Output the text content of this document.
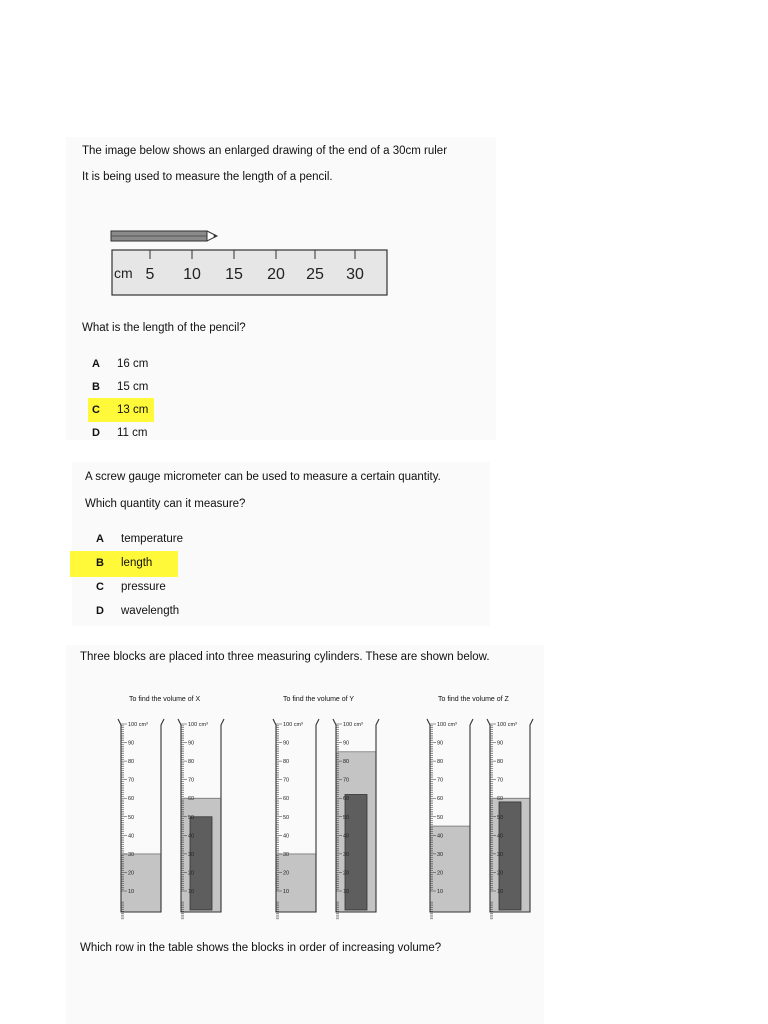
The image below shows an enlarged drawing of the end of a 30cm ruler
It is being used to measure the length of a pencil.
5 10 15 20 25 30
cm
What is the length of the pencil?
A 16 cm
B 15 cm
C 13 cm
D 11 cm
A screw gauge micrometer can be used to measure a certain quantity.
Which quantity can it measure?
A temperature
B length
C pressure
D wavelength
Three blocks are placed into three measuring cylinders. These are shown below.
To find the volume of X	To find the volume of Y	To find the volume of Z
100 cm³
90
80
70
60
50
40
30
20
10
100 cm³
90
80
70
60
50
40
30
20
10
100 cm³
90
80
70
60
50
40
30
20
10
100 cm³
90
80
70
60
50
40
30
20
10
100 cm³
90
80
70
60
50
40
30
20
10
100 cm³
90
80
70
60
50
40
30
20
10
Which row in the table shows the blocks in order of increasing volume?
